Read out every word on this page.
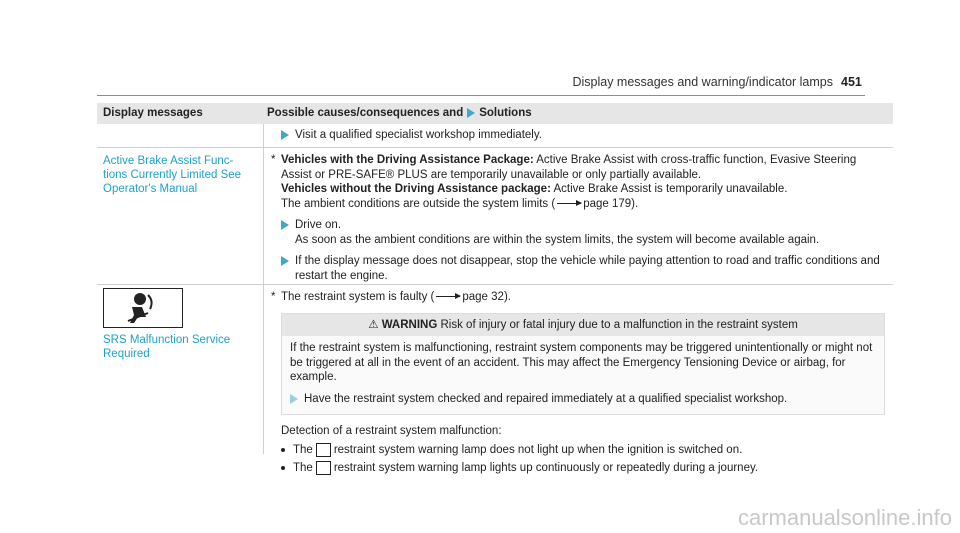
Display messages and warning/indicator lamps 451
Display messages	Possible causes/consequences and Solutions
Visit a qualified specialist workshop immediately.
Active Brake Assist Func-tions Currently Limited See Operator's Manual
* Vehicles with the Driving Assistance Package: Active Brake Assist with cross-traffic function, Evasive Steering Assist or PRE-SAFE® PLUS are temporarily unavailable or only partially available.
Vehicles without the Driving Assistance package: Active Brake Assist is temporarily unavailable.
The ambient conditions are outside the system limits ( page 179).
Drive on.
As soon as the ambient conditions are within the system limits, the system will become available again.
If the display message does not disappear, stop the vehicle while paying attention to road and traffic conditions and restart the engine.
SRS Malfunction Service Required
* The restraint system is faulty ( page 32).
⚠ WARNING Risk of injury or fatal injury due to a malfunction in the restraint system
If the restraint system is malfunctioning, restraint system components may be triggered unintentionally or might not be triggered at all in the event of an accident. This may affect the Emergency Tensioning Device or airbag, for example.
Have the restraint system checked and repaired immediately at a qualified specialist workshop.
Detection of a restraint system malfunction:
The restraint system warning lamp does not light up when the ignition is switched on.
The restraint system warning lamp lights up continuously or repeatedly during a journey.
carmanualsonline.info
